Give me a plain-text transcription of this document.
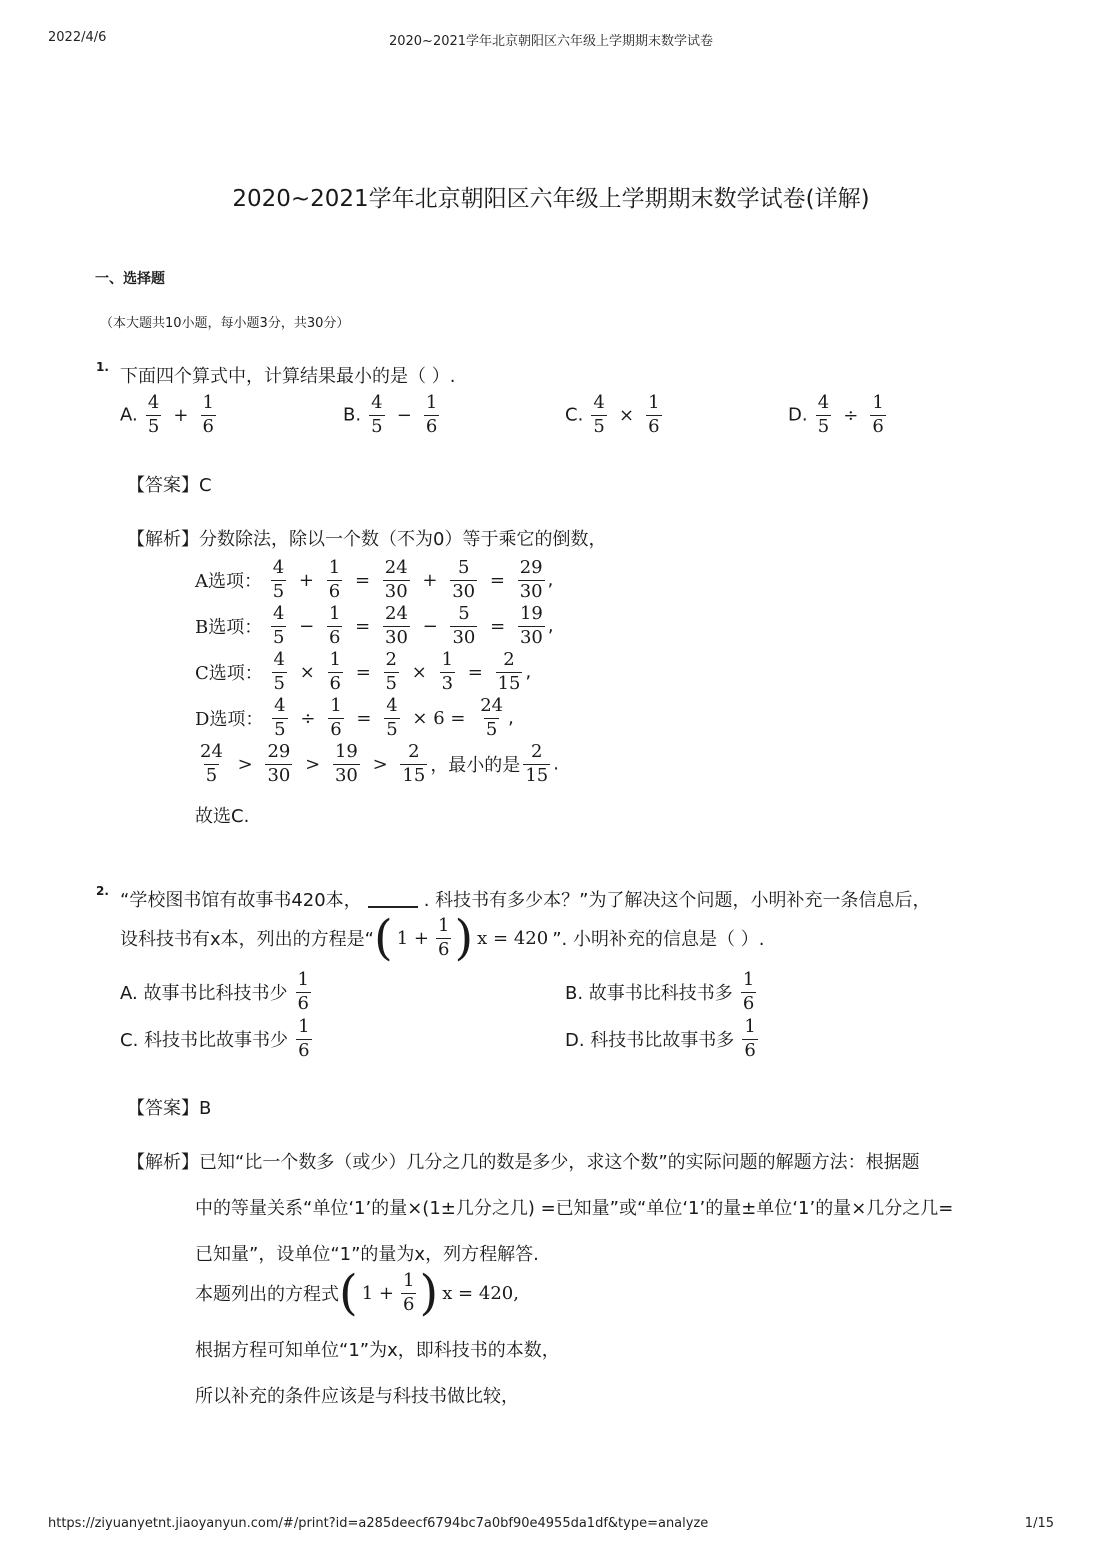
2022/4/6	2020~2021学年北京朝阳区六年级上学期期末数学试卷
2020~2021学年北京朝阳区六年级上学期期末数学试卷(详解)
一、选择题
（本大题共10小题，每小题3分，共30分）
1. 下面四个算式中，计算结果最小的是（ ）.
A. $\frac{4}{5} + \frac{1}{6}$	B. $\frac{4}{5} - \frac{1}{6}$	C. $\frac{4}{5} \times \frac{1}{6}$	D. $\frac{4}{5} \div \frac{1}{6}$
【答案】C
【解析】分数除法，除以一个数（不为0）等于乘它的倒数，
A选项： $\frac{4}{5} + \frac{1}{6} = \frac{24}{30} + \frac{5}{30} = \frac{29}{30}$ ,
B选项： $\frac{4}{5} - \frac{1}{6} = \frac{24}{30} - \frac{5}{30} = \frac{19}{30}$ ,
C选项： $\frac{4}{5} \times \frac{1}{6} = \frac{2}{5} \times \frac{1}{3} = \frac{2}{15}$ ,
D选项： $\frac{4}{5} \div \frac{1}{6} = \frac{4}{5} \times 6 = \frac{24}{5}$ ,
$\frac{24}{5} > \frac{29}{30} > \frac{19}{30} > \frac{2}{15}$ ，最小的是 $\frac{2}{15}$ .
故选C.
2. “学校图书馆有故事书420本，	. 科技书有多少本？”为了解决这个问题，小明补充一条信息后，
设科技书有x本，列出的方程是“( $1 + \frac{1}{6}$ ) x = 420 ”. 小明补充的信息是（ ）.
A. 故事书比科技书少 $\frac{1}{6}$	B. 故事书比科技书多 $\frac{1}{6}$
C. 科技书比故事书少 $\frac{1}{6}$	D. 科技书比故事书多 $\frac{1}{6}$
【答案】B
【解析】已知“比一个数多（或少）几分之几的数是多少，求这个数”的实际问题的解题方法：根据题
中的等量关系“单位‘1’的量×(1±几分之几) =已知量”或“单位‘1’的量±单位‘1’的量×几分之几=
已知量”，设单位“1”的量为x，列方程解答.
本题列出的方程式( $1 + \frac{1}{6}$ ) x = 420,
根据方程可知单位“1”为x，即科技书的本数，
所以补充的条件应该是与科技书做比较，
https://ziyuanyetnt.jiaoyanyun.com/#/print?id=a285deecf6794bc7a0bf90e4955da1df&type=analyze	1/15
